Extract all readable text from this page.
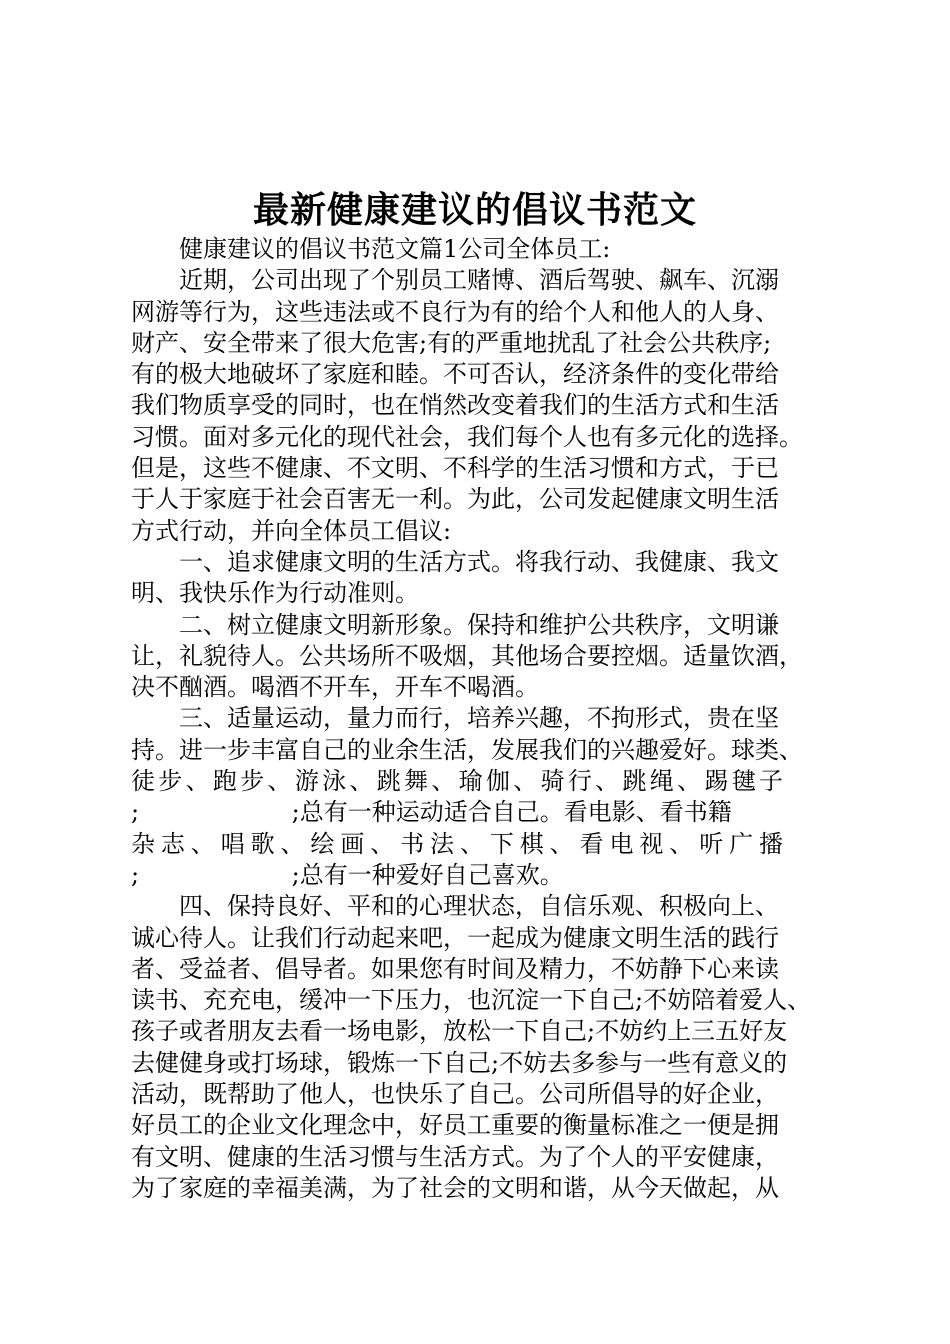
最新健康建议的倡议书范文

健康建议的倡议书范文篇1公司全体员工:

近期，公司出现了个别员工赌博、酒后驾驶、飙车、沉溺
网游等行为，这些违法或不良行为有的给个人和他人的人身、
财产、安全带来了很大危害;有的严重地扰乱了社会公共秩序;
有的极大地破坏了家庭和睦。不可否认，经济条件的变化带给
我们物质享受的同时，也在悄然改变着我们的生活方式和生活
习惯。面对多元化的现代社会，我们每个人也有多元化的选择。
但是，这些不健康、不文明、不科学的生活习惯和方式，于已
于人于家庭于社会百害无一利。为此，公司发起健康文明生活
方式行动，并向全体员工倡议:

一、追求健康文明的生活方式。将我行动、我健康、我文
明、我快乐作为行动准则。

二、树立健康文明新形象。保持和维护公共秩序，文明谦
让，礼貌待人。公共场所不吸烟，其他场合要控烟。适量饮酒，
决不酗酒。喝酒不开车，开车不喝酒。

三、适量运动，量力而行，培养兴趣，不拘形式，贵在坚
持。进一步丰富自己的业余生活，发展我们的兴趣爱好。球类、
徒步、跑步、游泳、跳舞、瑜伽、骑行、跳绳、踢毽子
;                    ;总有一种运动适合自己。看电影、看书籍
杂志、唱歌、绘画、书法、下棋、看电视、听广播
;                    ;总有一种爱好自己喜欢。

四、保持良好、平和的心理状态，自信乐观、积极向上、
诚心待人。让我们行动起来吧，一起成为健康文明生活的践行
者、受益者、倡导者。如果您有时间及精力，不妨静下心来读
读书、充充电，缓冲一下压力，也沉淀一下自己;不妨陪着爱人、
孩子或者朋友去看一场电影，放松一下自己;不妨约上三五好友
去健健身或打场球，锻炼一下自己;不妨去多参与一些有意义的
活动，既帮助了他人，也快乐了自己。公司所倡导的好企业，
好员工的企业文化理念中，好员工重要的衡量标准之一便是拥
有文明、健康的生活习惯与生活方式。为了个人的平安健康，
为了家庭的幸福美满，为了社会的文明和谐，从今天做起，从
